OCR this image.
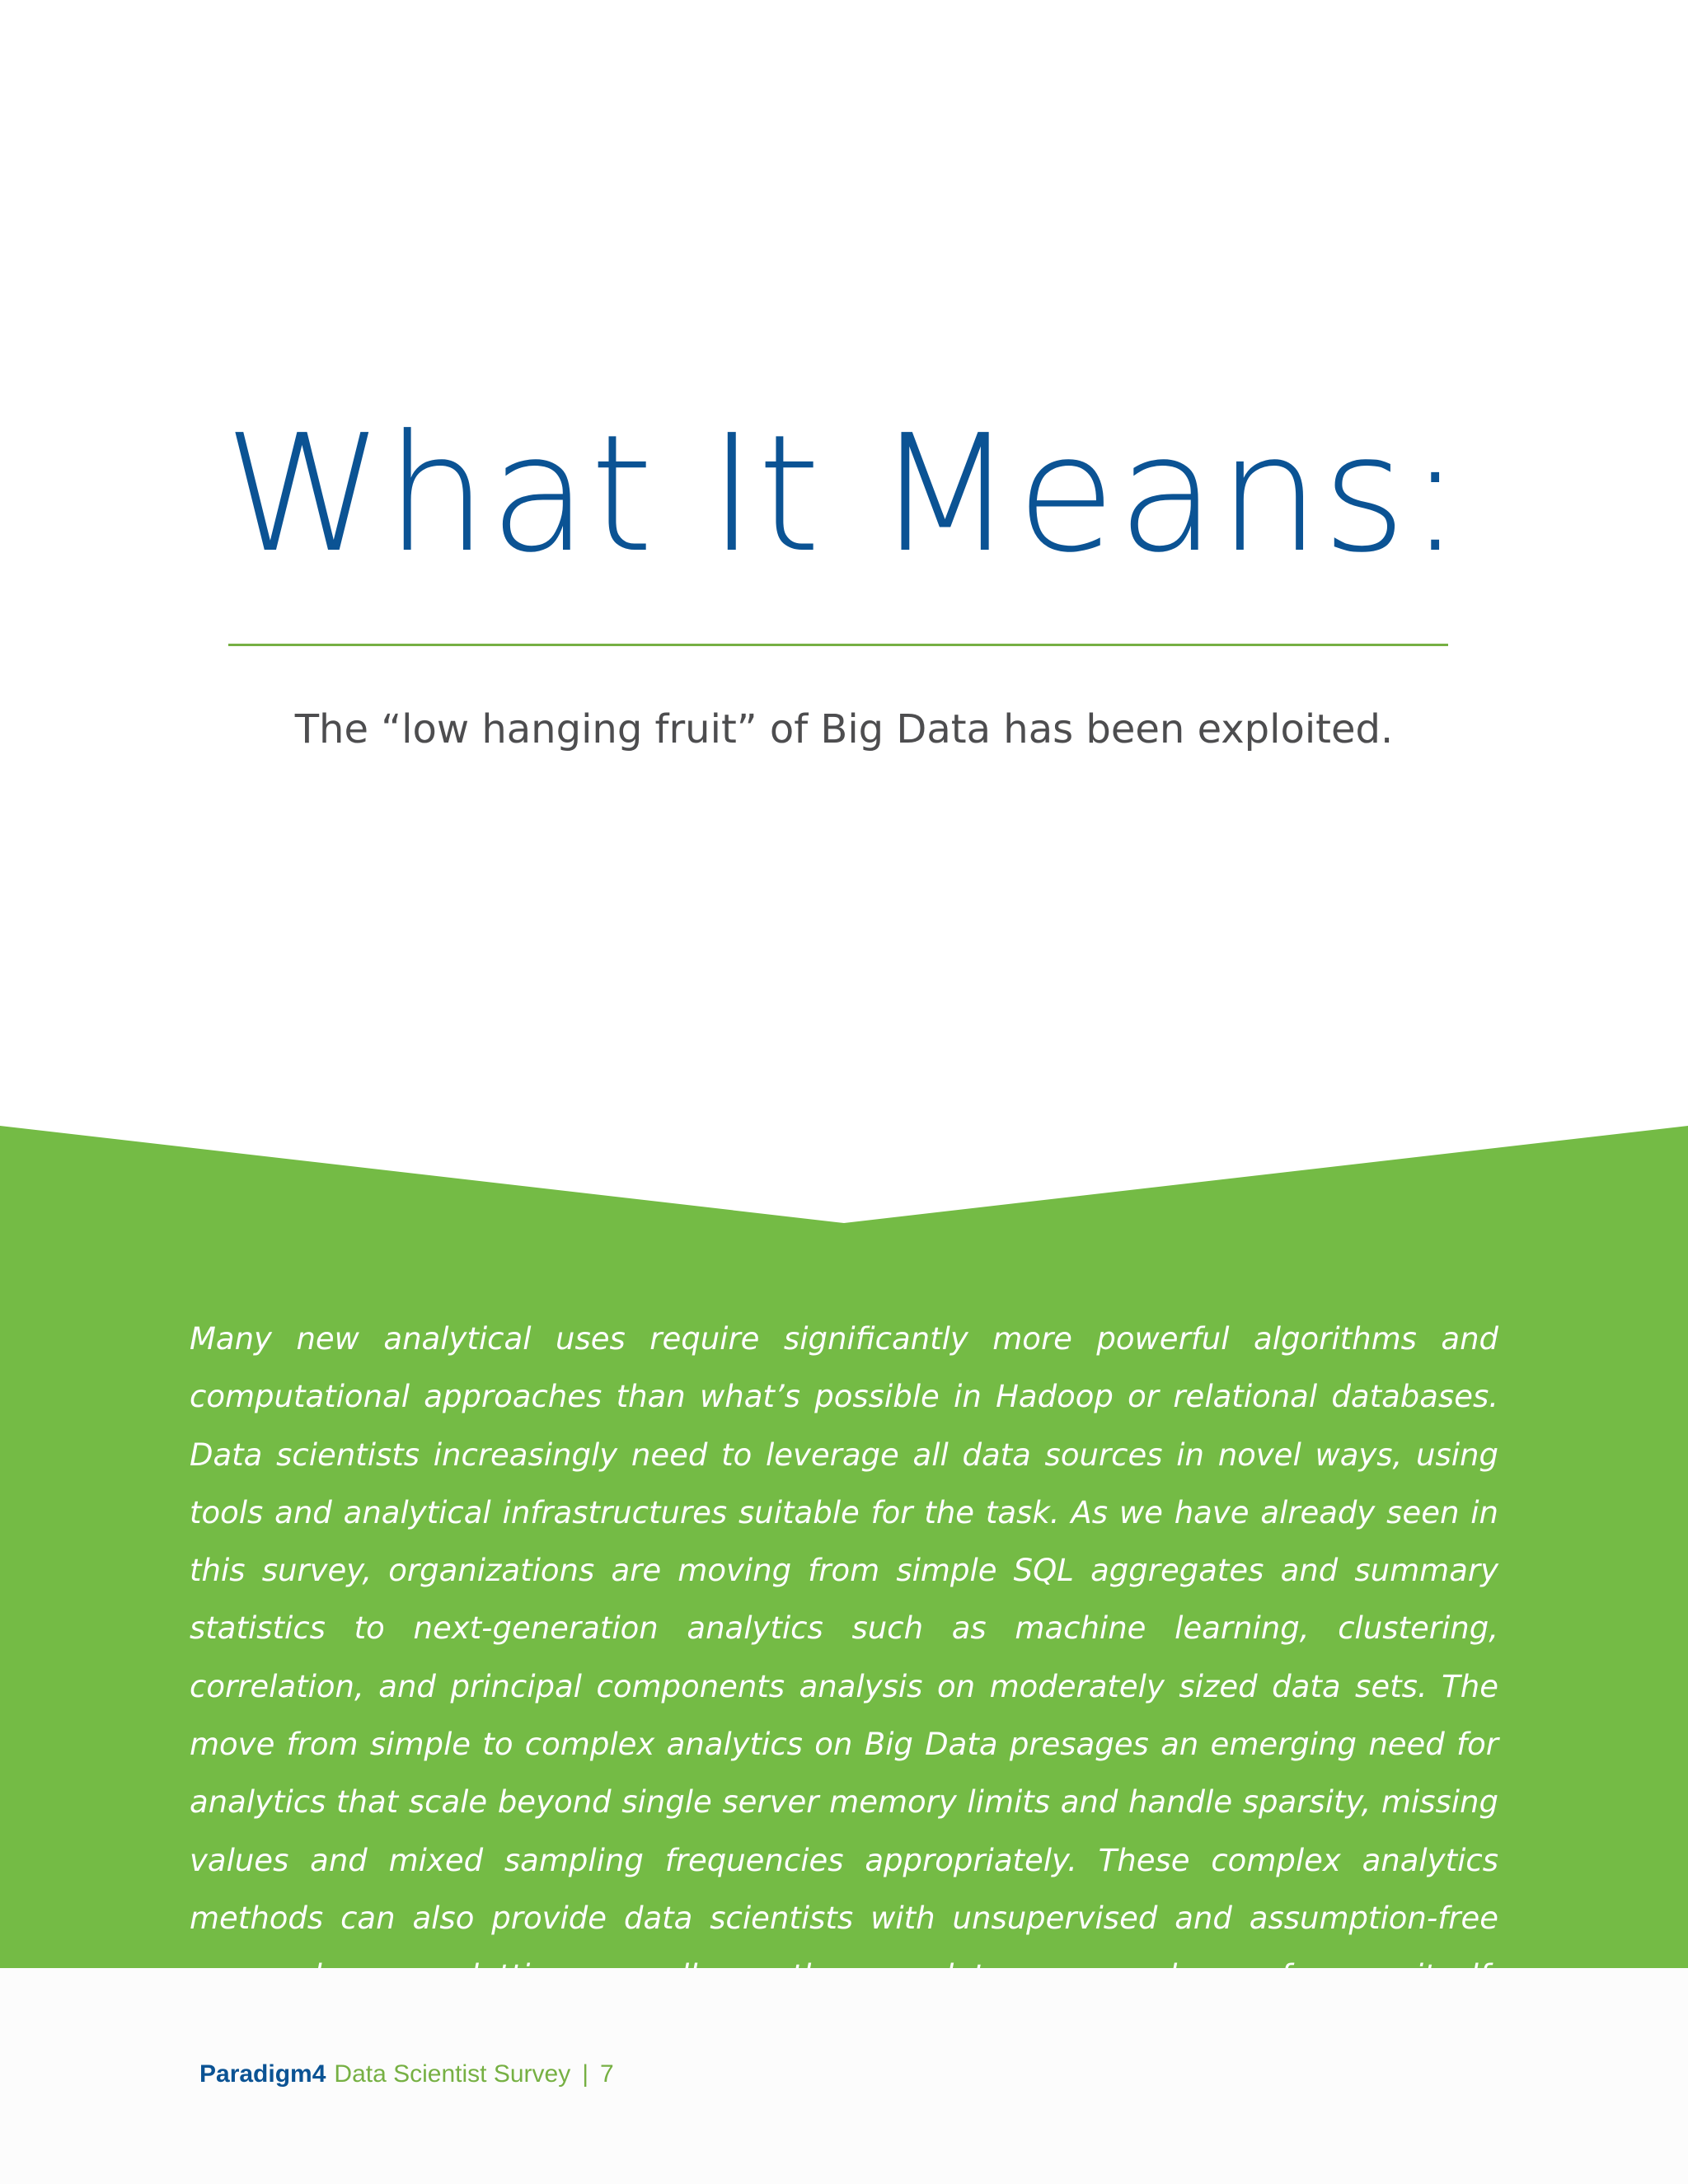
What It Means:
The “low hanging fruit” of Big Data has been exploited.

Many new analytical uses require significantly more powerful algorithms and computational approaches than what’s possible in Hadoop or relational databases. Data scientists increasingly need to leverage all data sources in novel ways, using tools and analytical infrastructures suitable for the task. As we have already seen in this survey, organizations are moving from simple SQL aggregates and summary statistics to next-generation analytics such as machine learning, clustering, correlation, and principal components analysis on moderately sized data sets. The move from simple to complex analytics on Big Data presages an emerging need for analytics that scale beyond single server memory limits and handle sparsity, missing values and mixed sampling frequencies appropriately. These complex analytics methods can also provide data scientists with unsupervised and assumption-free

Paradigm4 Data Scientist Survey | 7
